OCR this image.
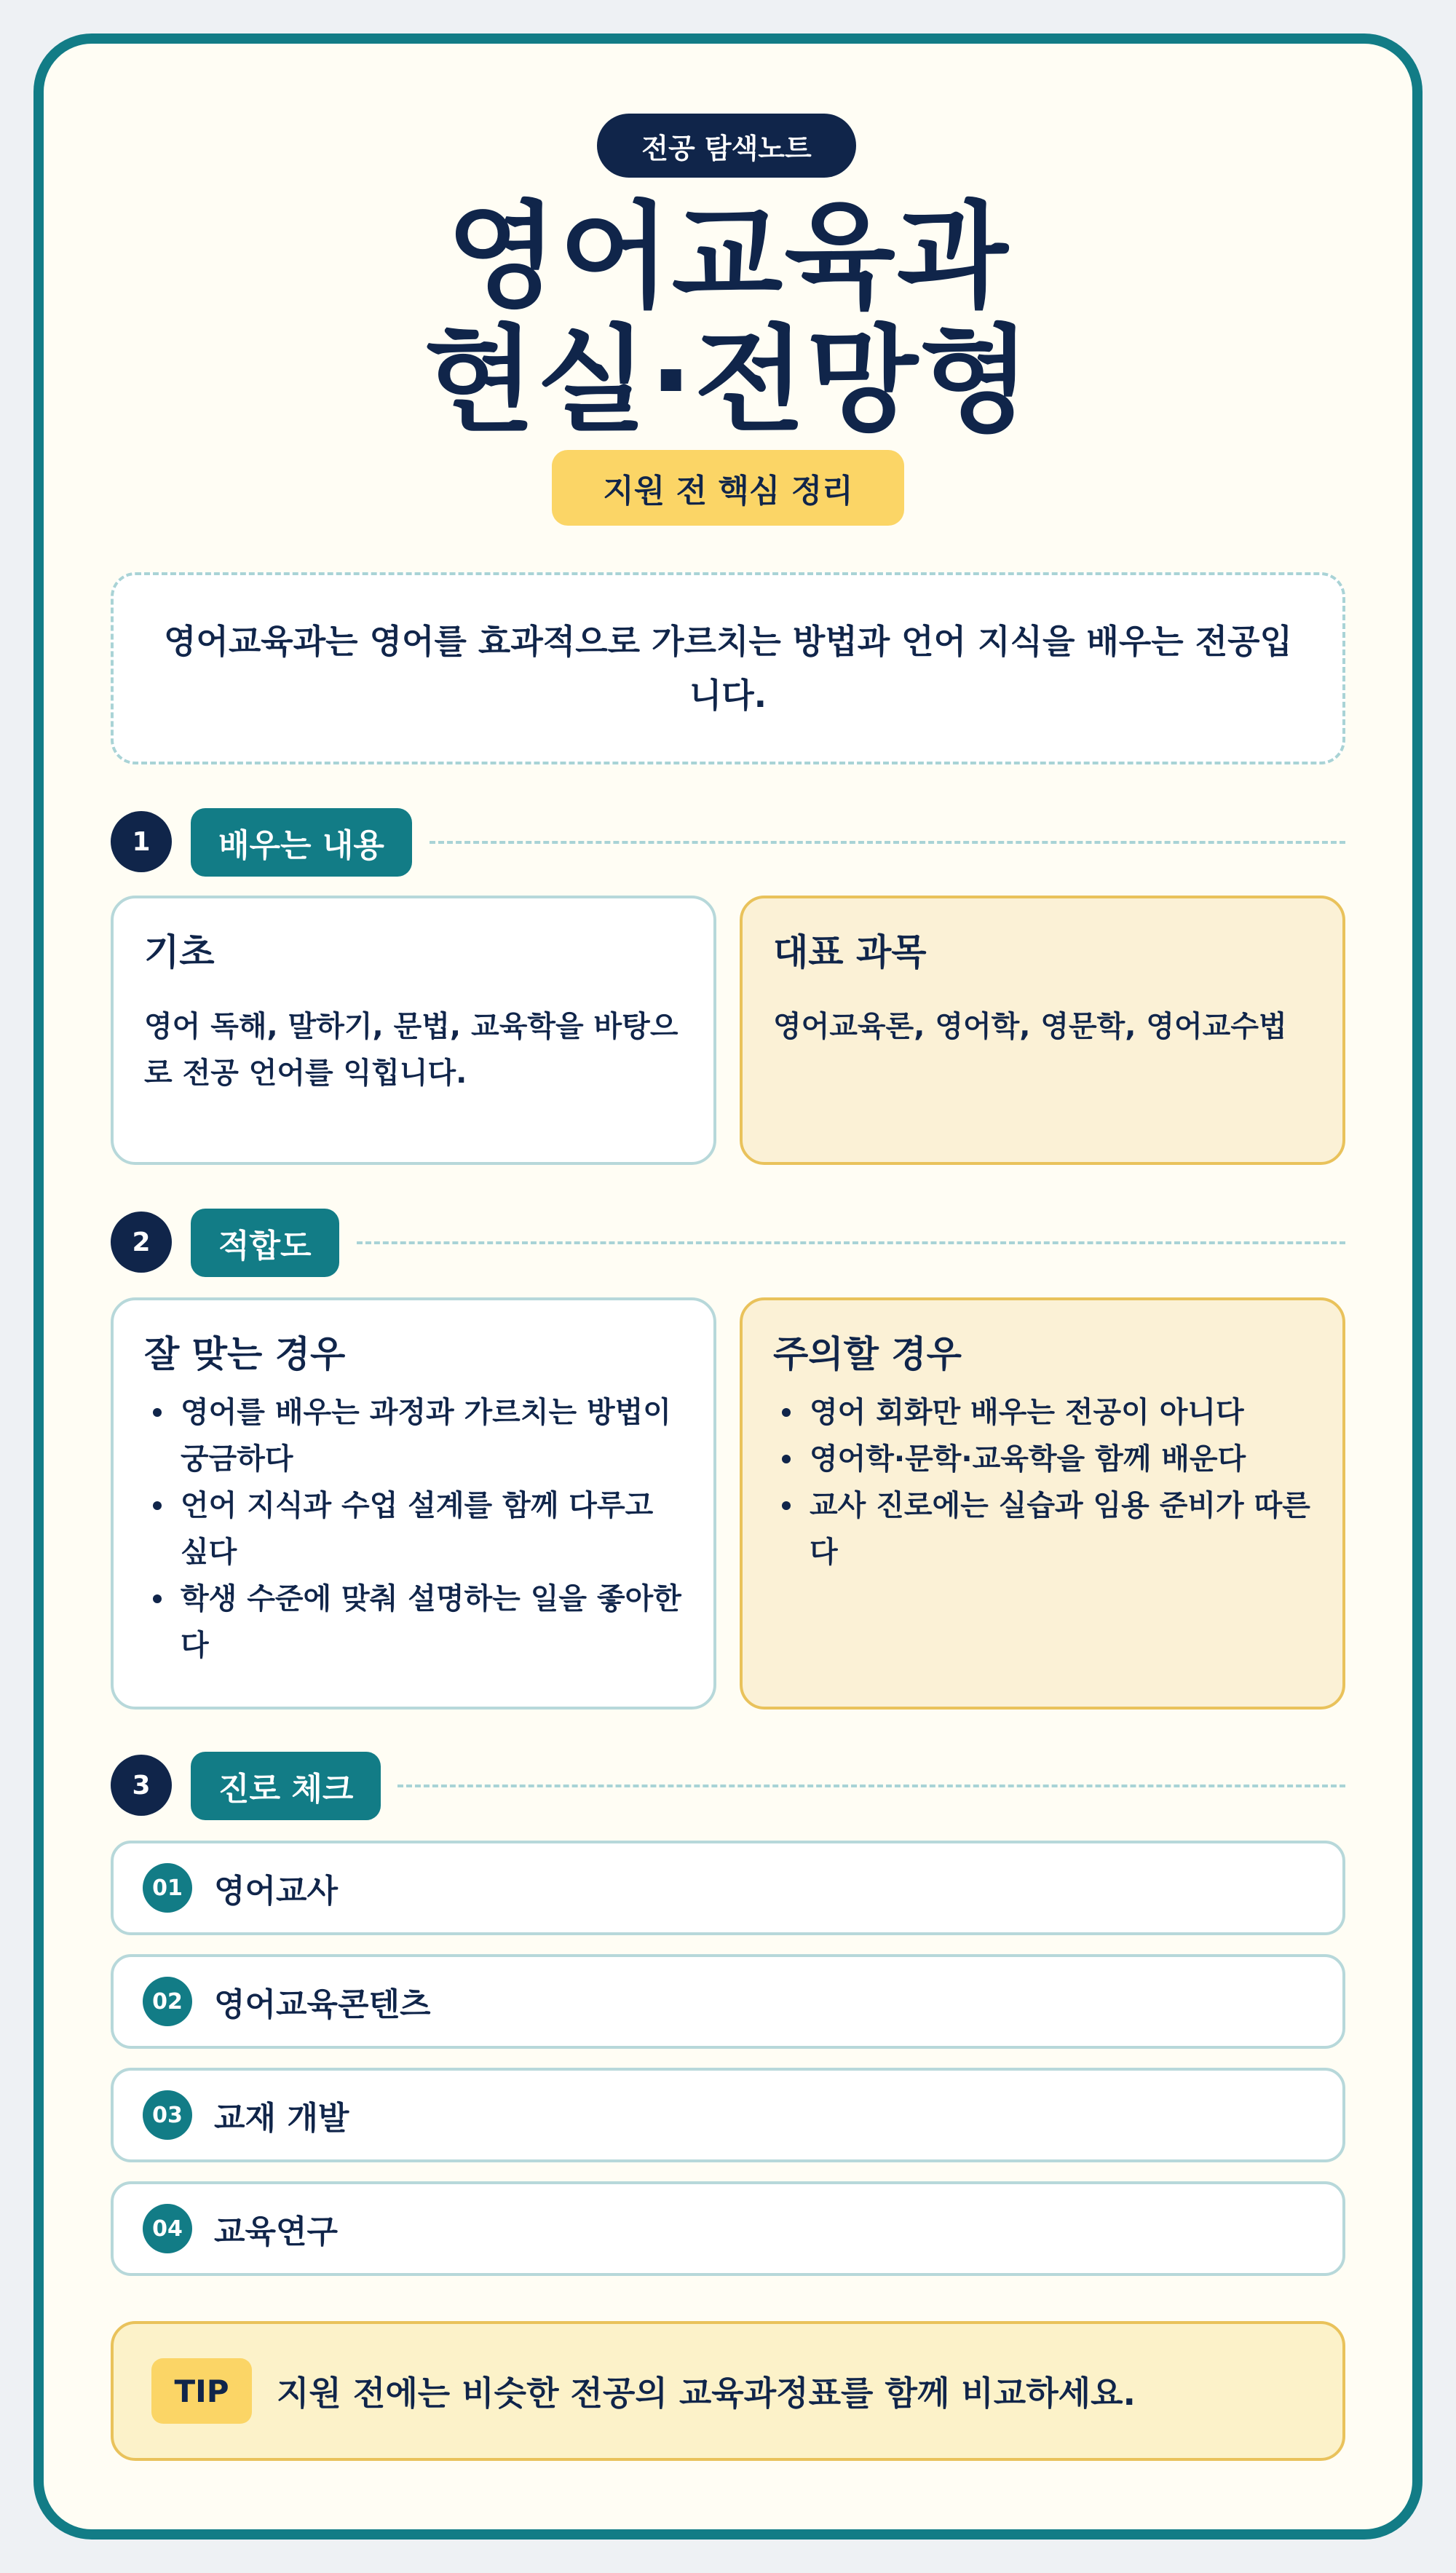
전공 탐색노트
영어교육과
현실·전망형
지원 전 핵심 정리
영어교육과는 영어를 효과적으로 가르치는 방법과 언어 지식을 배우는 전공입니다.
1	배우는 내용
기초

영어 독해, 말하기, 문법, 교육학을 바탕으로 전공 언어를 익힙니다.

대표 과목

영어교육론, 영어학, 영문학, 영어교수법

2	적합도
잘 맞는 경우
영어를 배우는 과정과 가르치는 방법이 궁금하다
언어 지식과 수업 설계를 함께 다루고 싶다
학생 수준에 맞춰 설명하는 일을 좋아한다
주의할 경우
영어 회화만 배우는 전공이 아니다
영어학·문학·교육학을 함께 배운다
교사 진로에는 실습과 임용 준비가 따른다
3	진로 체크
01 영어교사
02 영어교육콘텐츠
03 교재 개발
04 교육연구
TIP	지원 전에는 비슷한 전공의 교육과정표를 함께 비교하세요.
